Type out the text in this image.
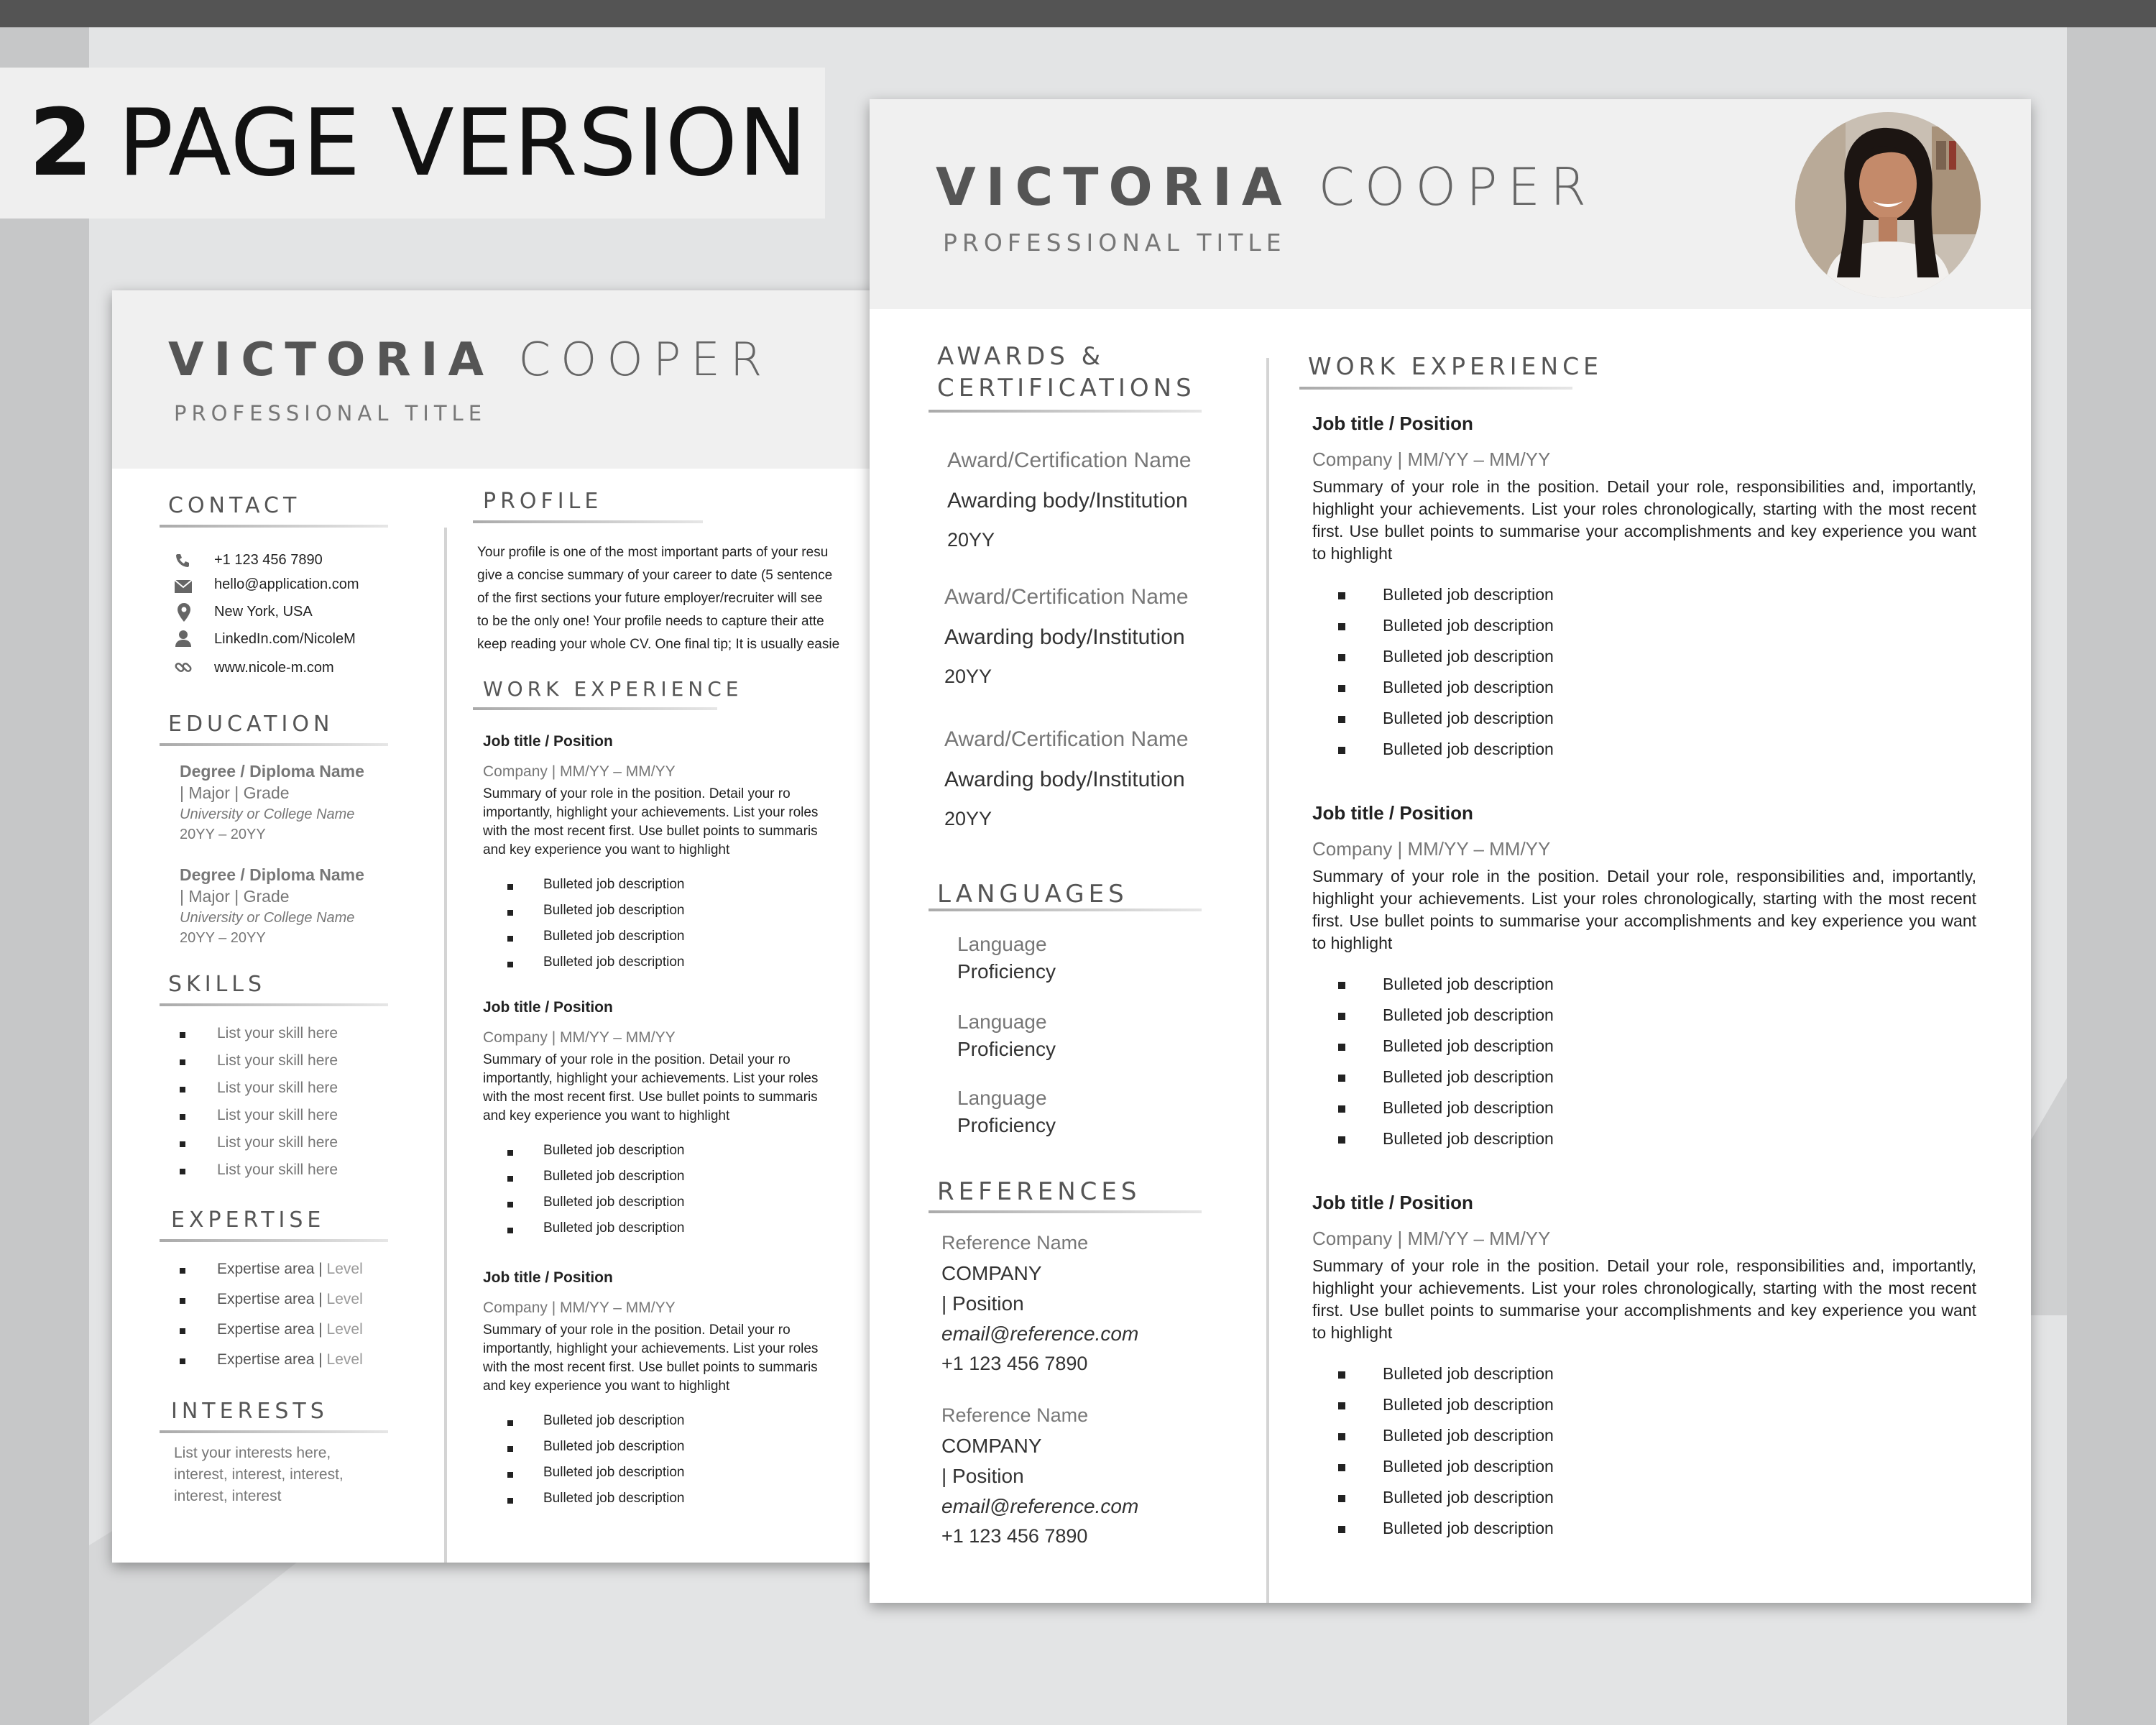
2 PAGE VERSION
VICTORIA COOPER
PROFESSIONAL TITLE
CONTACT
+1 123 456 7890
hello@application.com
New York, USA
LinkedIn.com/NicoleM
www.nicole-m.com
EDUCATION
Degree / Diploma Name
| Major | Grade
University or College Name
20YY – 20YY
Degree / Diploma Name
| Major | Grade
University or College Name
20YY – 20YY
SKILLS
List your skill here
List your skill here
List your skill here
List your skill here
List your skill here
List your skill here
EXPERTISE
Expertise area | Level
Expertise area | Level
Expertise area | Level
Expertise area | Level
INTERESTS
List your interests here,
interest, interest, interest,
interest, interest
PROFILE
Your profile is one of the most important parts of your resu
give a concise summary of your career to date (5 sentence
of the first sections your future employer/recruiter will see
to be the only one! Your profile needs to capture their atte
keep reading your whole CV. One final tip; It is usually easie
WORK EXPERIENCE
Job title / Position
Company | MM/YY – MM/YY
Summary of your role in the position. Detail your ro
importantly, highlight your achievements. List your roles
with the most recent first. Use bullet points to summaris
and key experience you want to highlight
Bulleted job description
Bulleted job description
Bulleted job description
Bulleted job description
Job title / Position
Company | MM/YY – MM/YY
Summary of your role in the position. Detail your ro
importantly, highlight your achievements. List your roles
with the most recent first. Use bullet points to summaris
and key experience you want to highlight
Bulleted job description
Bulleted job description
Bulleted job description
Bulleted job description
Job title / Position
Company | MM/YY – MM/YY
Summary of your role in the position. Detail your ro
importantly, highlight your achievements. List your roles
with the most recent first. Use bullet points to summaris
and key experience you want to highlight
Bulleted job description
Bulleted job description
Bulleted job description
Bulleted job description
VICTORIA COOPER
PROFESSIONAL TITLE
AWARDS &
CERTIFICATIONS
Award/Certification Name
Awarding body/Institution
20YY
Award/Certification Name
Awarding body/Institution
20YY
Award/Certification Name
Awarding body/Institution
20YY
LANGUAGES
Language
Proficiency
Language
Proficiency
Language
Proficiency
REFERENCES
Reference Name
COMPANY
| Position
email@reference.com
+1 123 456 7890
Reference Name
COMPANY
| Position
email@reference.com
+1 123 456 7890
WORK EXPERIENCE
Job title / Position
Company | MM/YY – MM/YY
Summary of your role in the position. Detail your role, responsibilities and, importantly, highlight your achievements. List your roles chronologically, starting with the most recent first. Use bullet points to summarise your accomplishments and key experience you want to highlight
Bulleted job description
Bulleted job description
Bulleted job description
Bulleted job description
Bulleted job description
Bulleted job description
Job title / Position
Company | MM/YY – MM/YY
Summary of your role in the position. Detail your role, responsibilities and, importantly, highlight your achievements. List your roles chronologically, starting with the most recent first. Use bullet points to summarise your accomplishments and key experience you want to highlight
Bulleted job description
Bulleted job description
Bulleted job description
Bulleted job description
Bulleted job description
Bulleted job description
Job title / Position
Company | MM/YY – MM/YY
Summary of your role in the position. Detail your role, responsibilities and, importantly, highlight your achievements. List your roles chronologically, starting with the most recent first. Use bullet points to summarise your accomplishments and key experience you want to highlight
Bulleted job description
Bulleted job description
Bulleted job description
Bulleted job description
Bulleted job description
Bulleted job description
